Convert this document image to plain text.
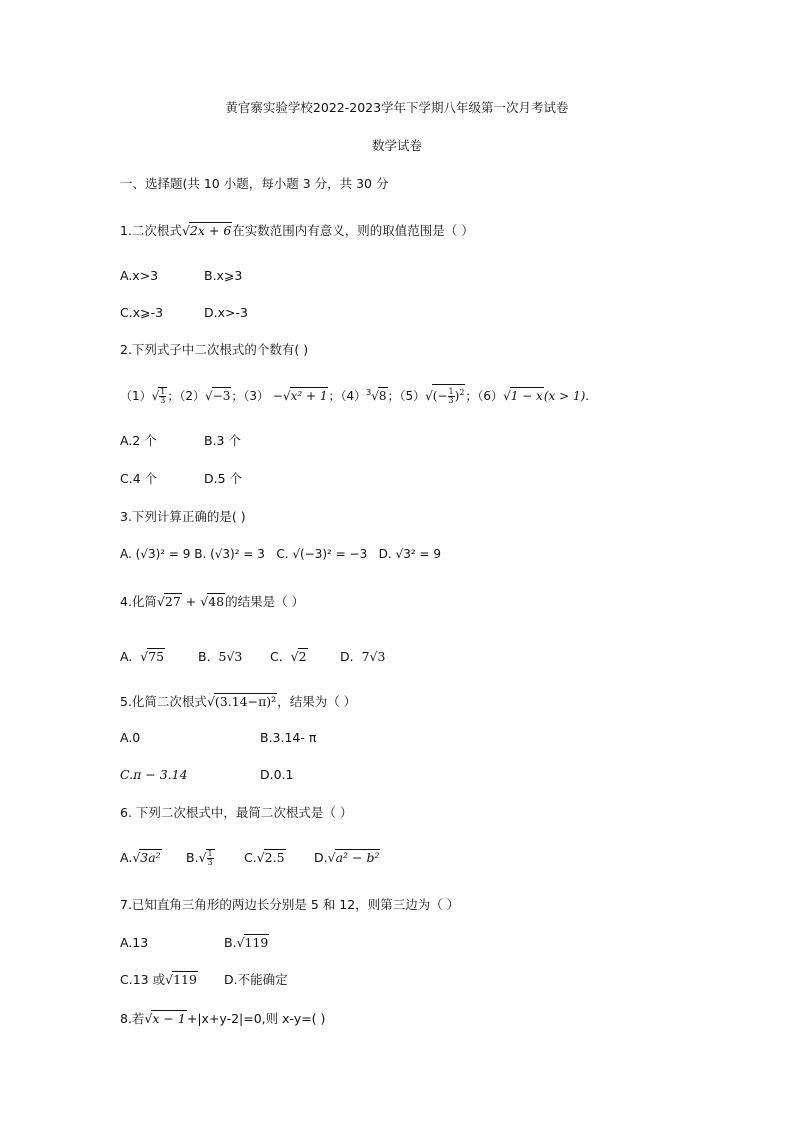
黄官寨实验学校2022-2023学年下学期八年级第一次月考试卷
数学试卷
一、选择题(共 10 小题，每小题 3 分，共 30 分
1.二次根式√2x + 6在实数范围内有意义，则的取值范围是（ ）
A.x>3	B.x⩾3
C.x⩾-3	D.x>-3
2.下列式子中二次根式的个数有( )
$(1)√ \frac{1}{3}$ ；（2）√−3；（3） −√x² + 1；$(4)^3√8$；$(5)√(- \frac{1}{3} )^2$；（6）√1 − x(x > 1).
A.2 个	B.3 个
C.4 个	D.5 个
3.下列计算正确的是( )
A. (√3)² = 9 B. (√3)² = 3 C. √(−3)² = −3 D. √3² = 9
4.化简√27 + √48的结果是（ ）
A. √75	B. 5√3 C. √2	D. 7√3
5.化简二次根式√(3.14−π)²，结果为（ ）
A.0	B.3.14- π
C.π − 3.14	D.0.1
6. 下列二次根式中，最简二次根式是（ ）
A.√3a² $B.√ \frac{1}{3} C.√2.5$ D.√a² − b²
7.已知直角三角形的两边长分别是 5 和 12，则第三边为（ ）
A.13	B.√119
C.13 或√119 D.不能确定
8.若√x − 1+|x+y-2|=0,则 x-y=( )
